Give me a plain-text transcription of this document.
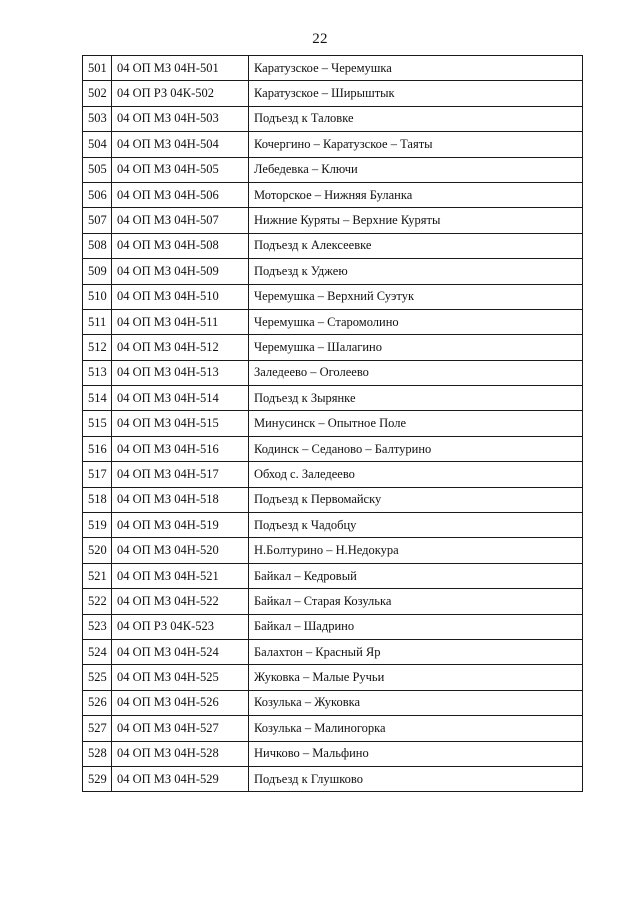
22
501	04 ОП МЗ 04Н-501	Каратузское – Черемушка
502	04 ОП РЗ 04К-502	Каратузское – Ширыштык
503	04 ОП МЗ 04Н-503	Подъезд к Таловке
504	04 ОП МЗ 04Н-504	Кочергино – Каратузское – Таяты
505	04 ОП МЗ 04Н-505	Лебедевка – Ключи
506	04 ОП МЗ 04Н-506	Моторское – Нижняя Буланка
507	04 ОП МЗ 04Н-507	Нижние Куряты – Верхние Куряты
508	04 ОП МЗ 04Н-508	Подъезд к Алексеевке
509	04 ОП МЗ 04Н-509	Подъезд к Уджею
510	04 ОП МЗ 04Н-510	Черемушка – Верхний Суэтук
511	04 ОП МЗ 04Н-511	Черемушка – Старомолино
512	04 ОП МЗ 04Н-512	Черемушка – Шалагино
513	04 ОП МЗ 04Н-513	Заледеево – Оголеево
514	04 ОП МЗ 04Н-514	Подъезд к Зырянке
515	04 ОП МЗ 04Н-515	Минусинск – Опытное Поле
516	04 ОП МЗ 04Н-516	Кодинск – Седаново – Балтурино
517	04 ОП МЗ 04Н-517	Обход с. Заледеево
518	04 ОП МЗ 04Н-518	Подъезд к Первомайску
519	04 ОП МЗ 04Н-519	Подъезд к Чадобцу
520	04 ОП МЗ 04Н-520	Н.Болтурино – Н.Недокура
521	04 ОП МЗ 04Н-521	Байкал – Кедровый
522	04 ОП МЗ 04Н-522	Байкал – Старая Козулька
523	04 ОП РЗ 04К-523	Байкал – Шадрино
524	04 ОП МЗ 04Н-524	Балахтон – Красный Яр
525	04 ОП МЗ 04Н-525	Жуковка – Малые Ручьи
526	04 ОП МЗ 04Н-526	Козулька – Жуковка
527	04 ОП МЗ 04Н-527	Козулька – Малиногорка
528	04 ОП МЗ 04Н-528	Ничково – Мальфино
529	04 ОП МЗ 04Н-529	Подъезд к Глушково
